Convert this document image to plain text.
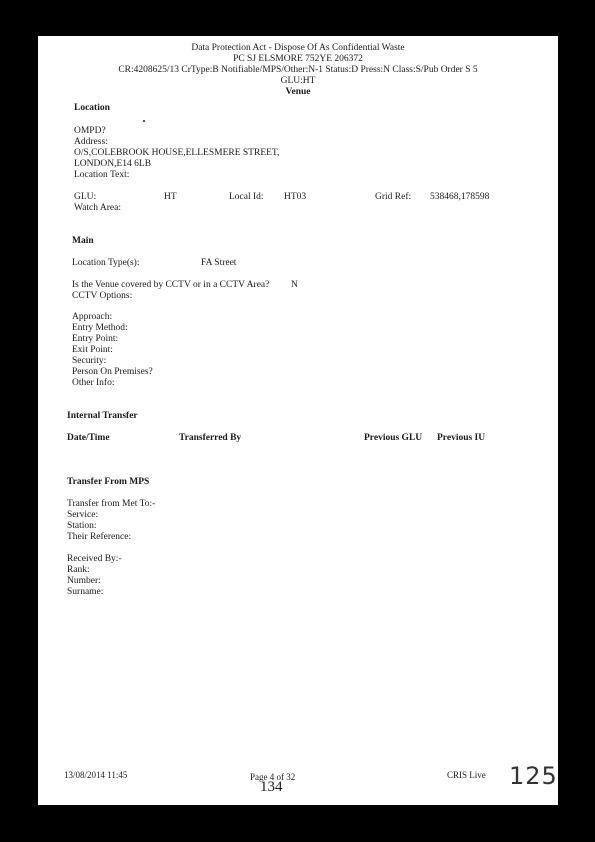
Data Protection Act - Dispose Of As Confidential Waste
PC SJ ELSMORE 752YE 206372
CR:4208625/13 CrType:B Notifiable/MPS/Other:N-1 Status:D Press:N Class:S/Pub Order S 5
GLU:HT
Venue
Location
OMPD?
Address:
O/S,COLEBROOK HOUSE,ELLESMERE STREET,
LONDON,E14 6LB
Location Text:
GLU:	HT	Local Id: HT03	Grid Ref: 538468,178598
Watch Area:
Main
Location Type(s):	FA Street
Is the Venue covered by CCTV or in a CCTV Area? N
CCTV Options:
Approach:
Entry Method:
Entry Point:
Exit Point:
Security:
Person On Premises?
Other Info:
Internal Transfer
Date/Time	Transferred By	Previous GLU Previous IU
Transfer From MPS
Transfer from Met To:-
Service:
Station:
Their Reference:
Received By:-
Rank:
Number:
Surname:
13/08/2014 11:45	Page 4 of 32
134
CRIS Live 125
